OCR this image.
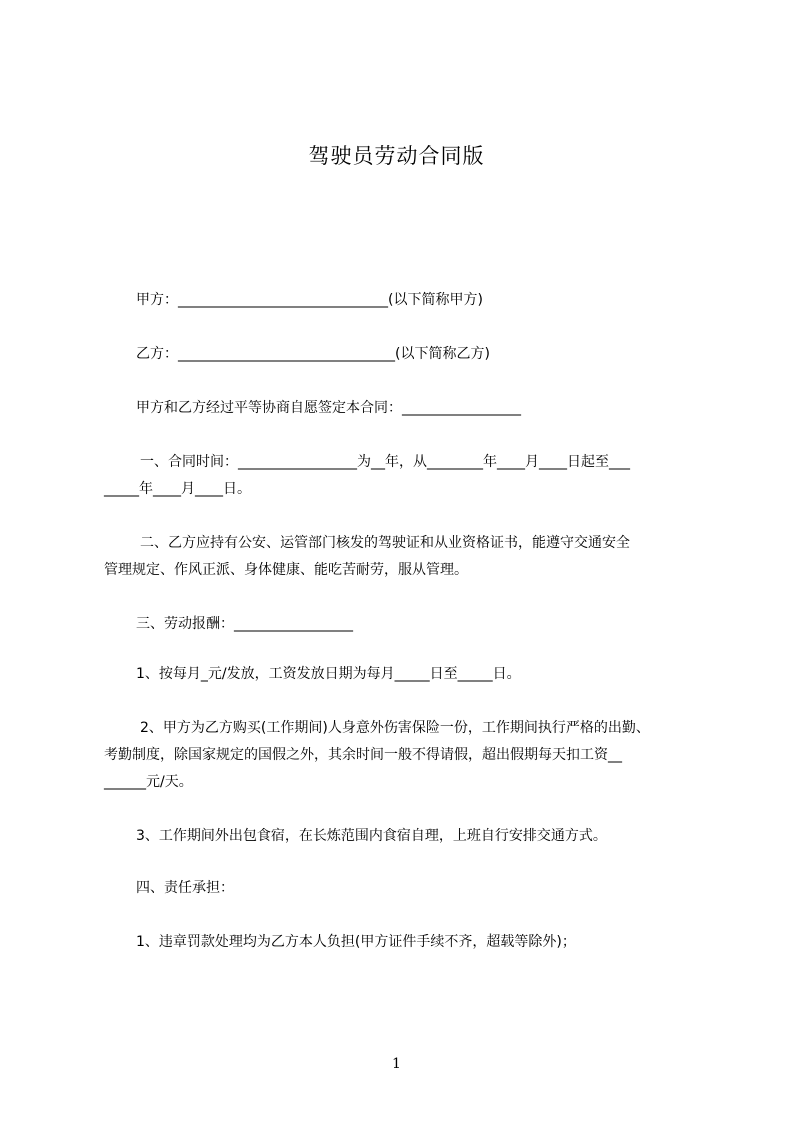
驾驶员劳动合同版
甲方：______________________________(以下简称甲方)
乙方：_______________________________(以下简称乙方)
甲方和乙方经过平等协商自愿签定本合同：_________________
一、合同时间：_________________为__年，从________年____月____日起至___
_____年____月____日。
二、乙方应持有公安、运管部门核发的驾驶证和从业资格证书，能遵守交通安全
管理规定、作风正派、身体健康、能吃苦耐劳，服从管理。
三、劳动报酬：_________________
1、按每月_元/发放，工资发放日期为每月_____日至_____日。
2、甲方为乙方购买(工作期间)人身意外伤害保险一份，工作期间执行严格的出勤、
考勤制度，除国家规定的国假之外，其余时间一般不得请假，超出假期每天扣工资__
______元/天。
3、工作期间外出包食宿，在长炼范围内食宿自理，上班自行安排交通方式。
四、责任承担：
1、违章罚款处理均为乙方本人负担(甲方证件手续不齐，超载等除外)；
1
